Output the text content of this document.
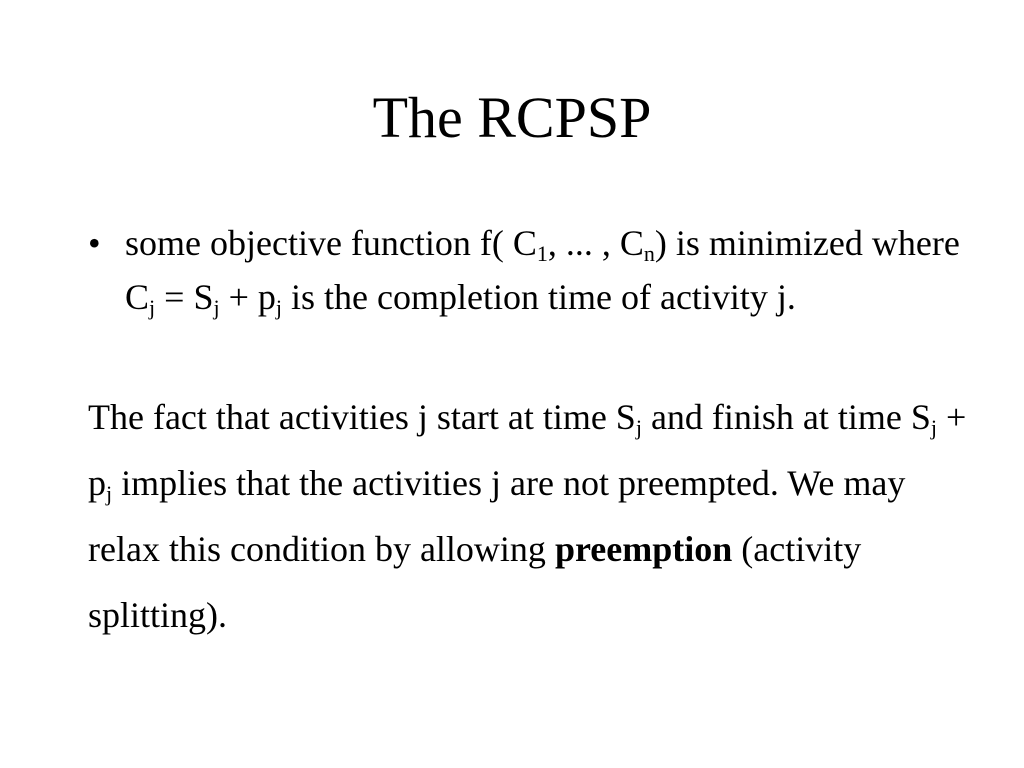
The RCPSP
• some objective function f( $C_1$, ... , $C_n$) is minimized where $C_j = S_j + p_j$ is the completion time of activity j.

The fact that activities j start at time $S_j$ and finish at time $S_j + p_j$ implies that the activities j are not preempted. We may relax this condition by allowing preemption (activity splitting).
